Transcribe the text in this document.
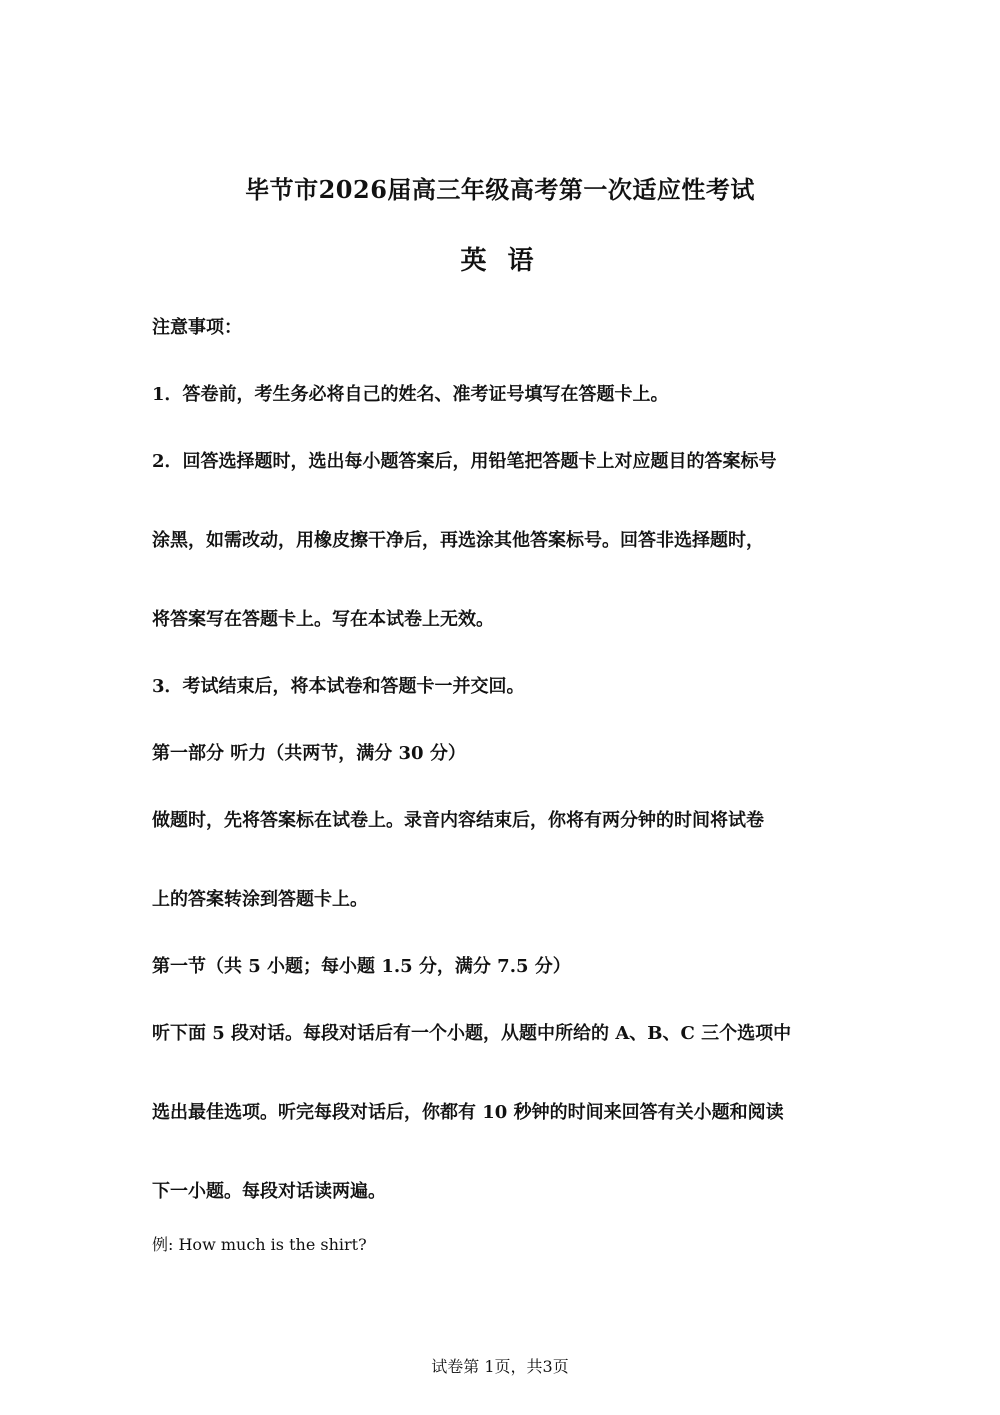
毕节市2026届高三年级高考第一次适应性考试
英 语
注意事项：
1．答卷前，考生务必将自己的姓名、准考证号填写在答题卡上。
2．回答选择题时，选出每小题答案后，用铅笔把答题卡上对应题目的答案标号
涂黑，如需改动，用橡皮擦干净后，再选涂其他答案标号。回答非选择题时，
将答案写在答题卡上。写在本试卷上无效。
3．考试结束后，将本试卷和答题卡一并交回。
第一部分 听力（共两节，满分 30 分）
做题时，先将答案标在试卷上。录音内容结束后，你将有两分钟的时间将试卷
上的答案转涂到答题卡上。
第一节（共 5 小题；每小题 1.5 分，满分 7.5 分）
听下面 5 段对话。每段对话后有一个小题，从题中所给的 A、B、C 三个选项中
选出最佳选项。听完每段对话后，你都有 10 秒钟的时间来回答有关小题和阅读
下一小题。每段对话读两遍。
例: How much is the shirt?
试卷第 1页，共3页
